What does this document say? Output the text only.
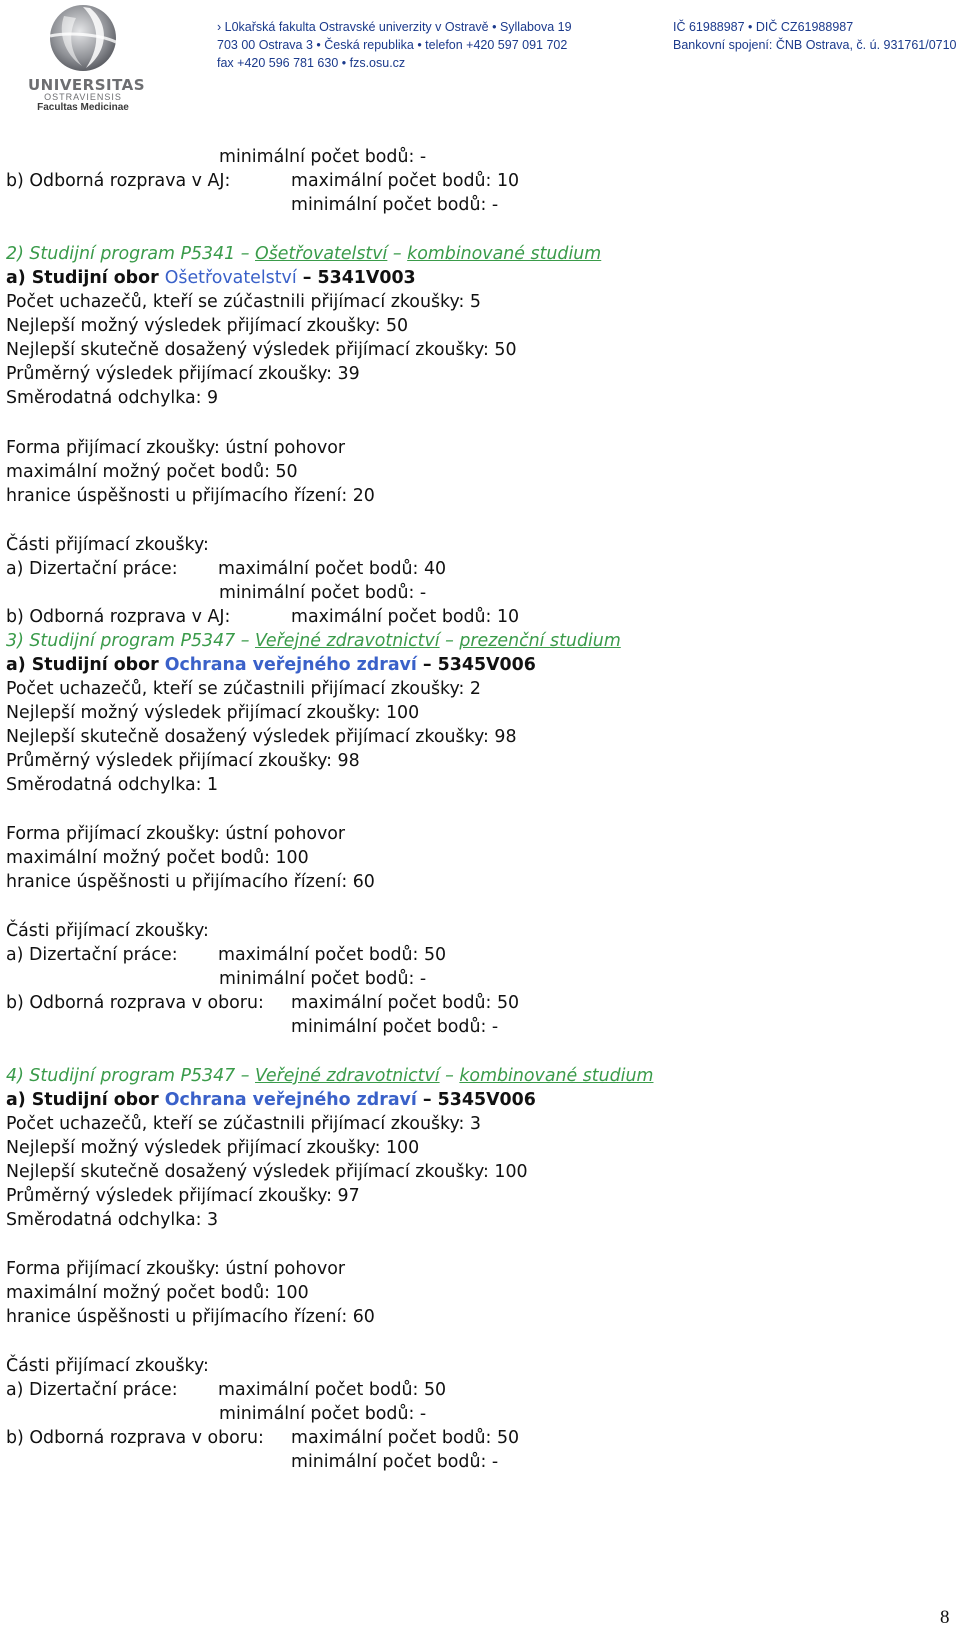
UNIVERSITAS
OSTRAVIENSIS
Facultas Medicinae
› L0kařská fakulta Ostravské univerzity v Ostravě • Syllabova 19
703 00 Ostrava 3 • Česká republika • telefon +420 597 091 702
fax +420 596 781 630 • fzs.osu.cz
IČ 61988987 • DIČ CZ61988987
Bankovní spojení: ČNB Ostrava, č. ú. 931761/0710
minimální počet bodů: -
b) Odborná rozprava v AJ:	maximální počet bodů: 10
minimální počet bodů: -
2) Studijní program P5341 – Ošetřovatelství – kombinované studium
a) Studijní obor Ošetřovatelství – 5341V003
Počet uchazečů, kteří se zúčastnili přijímací zkoušky: 5
Nejlepší možný výsledek přijímací zkoušky: 50
Nejlepší skutečně dosažený výsledek přijímací zkoušky: 50
Průměrný výsledek přijímací zkoušky: 39
Směrodatná odchylka: 9
Forma přijímací zkoušky: ústní pohovor
maximální možný počet bodů: 50
hranice úspěšnosti u přijímacího řízení: 20
Části přijímací zkoušky:
a) Dizertační práce: maximální počet bodů: 40
minimální počet bodů: -
b) Odborná rozprava v AJ:	maximální počet bodů: 10
3) Studijní program P5347 – Veřejné zdravotnictví – prezenční studium
a) Studijní obor Ochrana veřejného zdraví – 5345V006
Počet uchazečů, kteří se zúčastnili přijímací zkoušky: 2
Nejlepší možný výsledek přijímací zkoušky: 100
Nejlepší skutečně dosažený výsledek přijímací zkoušky: 98
Průměrný výsledek přijímací zkoušky: 98
Směrodatná odchylka: 1
Forma přijímací zkoušky: ústní pohovor
maximální možný počet bodů: 100
hranice úspěšnosti u přijímacího řízení: 60
Části přijímací zkoušky:
a) Dizertační práce: maximální počet bodů: 50
minimální počet bodů: -
b) Odborná rozprava v oboru: maximální počet bodů: 50
minimální počet bodů: -
4) Studijní program P5347 – Veřejné zdravotnictví – kombinované studium
a) Studijní obor Ochrana veřejného zdraví – 5345V006
Počet uchazečů, kteří se zúčastnili přijímací zkoušky: 3
Nejlepší možný výsledek přijímací zkoušky: 100
Nejlepší skutečně dosažený výsledek přijímací zkoušky: 100
Průměrný výsledek přijímací zkoušky: 97
Směrodatná odchylka: 3
Forma přijímací zkoušky: ústní pohovor
maximální možný počet bodů: 100
hranice úspěšnosti u přijímacího řízení: 60
Části přijímací zkoušky:
a) Dizertační práce: maximální počet bodů: 50
minimální počet bodů: -
b) Odborná rozprava v oboru: maximální počet bodů: 50
minimální počet bodů: -
8
